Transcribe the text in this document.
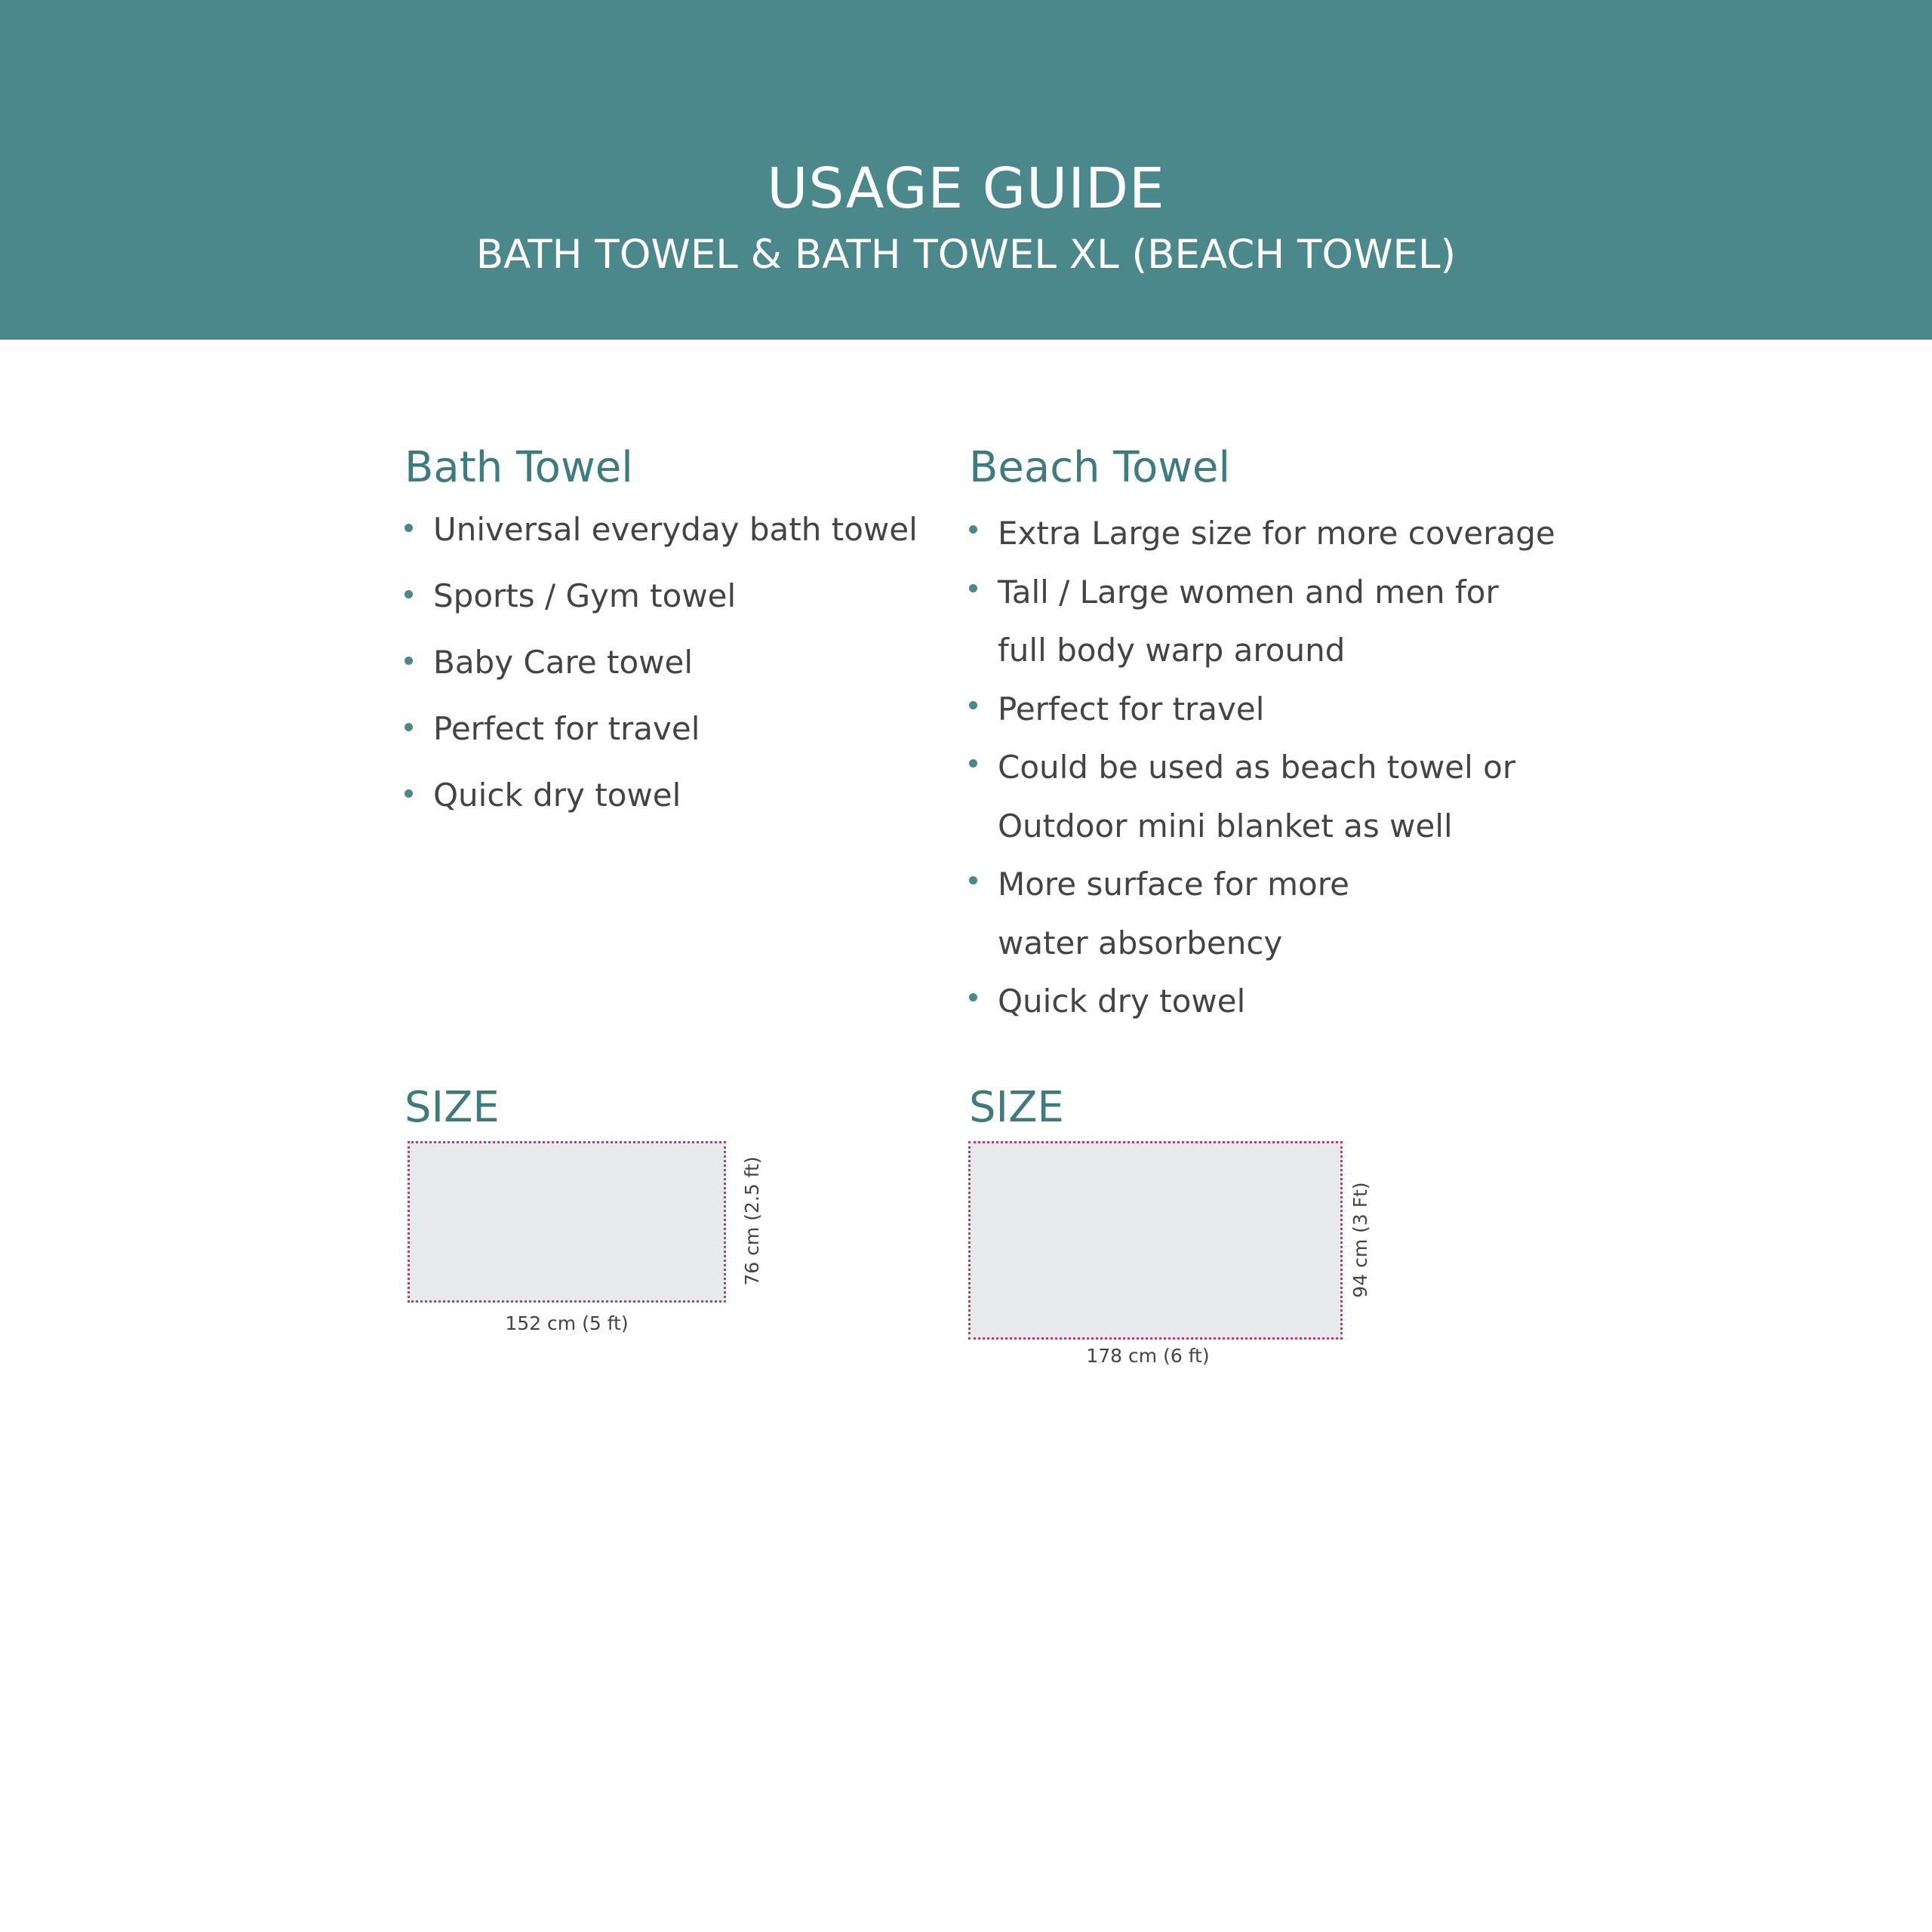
USAGE GUIDE
BATH TOWEL & BATH TOWEL XL (BEACH TOWEL)
Bath Towel
Universal everyday bath towel
Sports / Gym towel
Baby Care towel
Perfect for travel
Quick dry towel
SIZE
Beach Towel
Extra Large size for more coverage
Tall / Large women and men for
full body warp around
Perfect for travel
Could be used as beach towel or
Outdoor mini blanket as well
More surface for more
water absorbency
Quick dry towel
SIZE
152 cm (5 ft)
76 cm (2.5 ft)
178 cm (6 ft)
94 cm (3 Ft)
